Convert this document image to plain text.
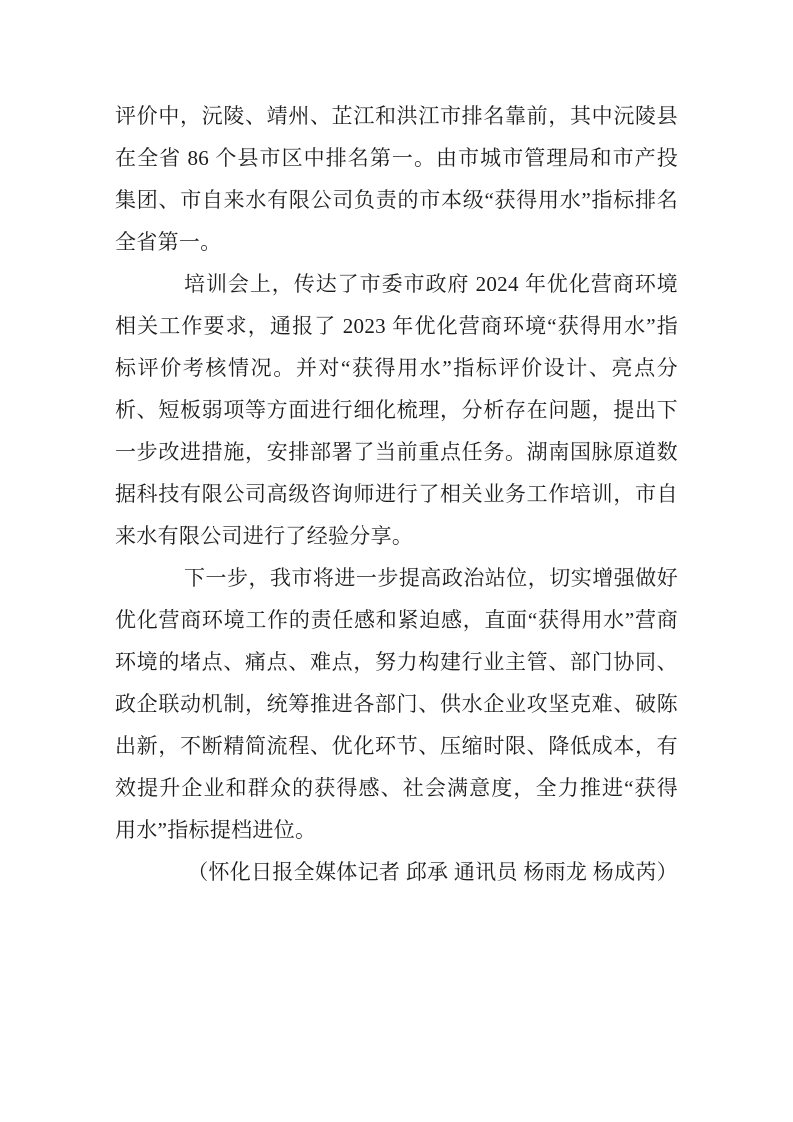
评价中，沅陵、靖州、芷江和洪江市排名靠前，其中沅陵县在全省 86 个县市区中排名第一。由市城市管理局和市产投集团、市自来水有限公司负责的市本级“获得用水”指标排名全省第一。

培训会上，传达了市委市政府 2024 年优化营商环境相关工作要求，通报了 2023 年优化营商环境“获得用水”指标评价考核情况。并对“获得用水”指标评价设计、亮点分析、短板弱项等方面进行细化梳理，分析存在问题，提出下一步改进措施，安排部署了当前重点任务。湖南国脉原道数据科技有限公司高级咨询师进行了相关业务工作培训，市自来水有限公司进行了经验分享。

下一步，我市将进一步提高政治站位，切实增强做好优化营商环境工作的责任感和紧迫感，直面“获得用水”营商环境的堵点、痛点、难点，努力构建行业主管、部门协同、政企联动机制，统筹推进各部门、供水企业攻坚克难、破陈出新，不断精简流程、优化环节、压缩时限、降低成本，有效提升企业和群众的获得感、社会满意度，全力推进“获得用水”指标提档进位。

（怀化日报全媒体记者 邱承 通讯员 杨雨龙 杨成芮）
